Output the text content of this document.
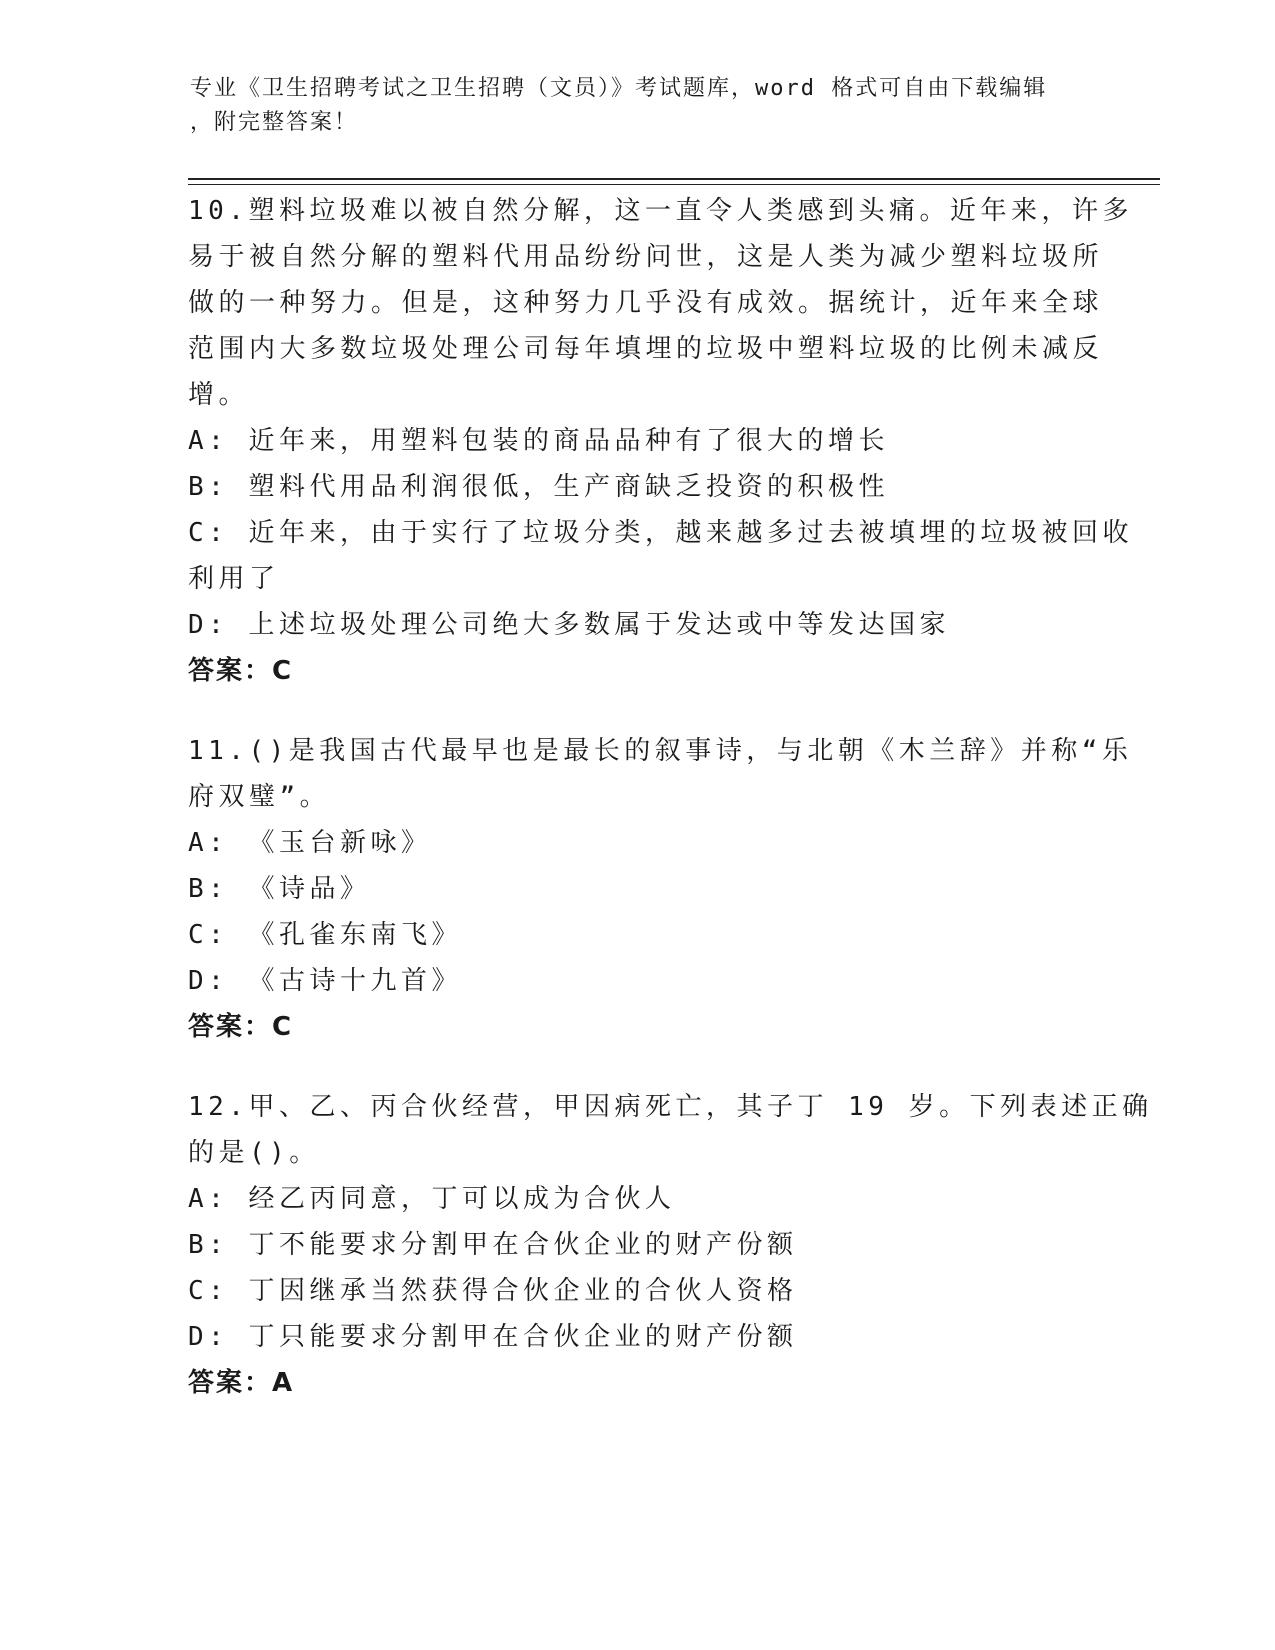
专业《卫生招聘考试之卫生招聘（文员）》考试题库，word 格式可自由下载编辑
，附完整答案！
10.塑料垃圾难以被自然分解，这一直令人类感到头痛。近年来，许多
易于被自然分解的塑料代用品纷纷问世，这是人类为减少塑料垃圾所
做的一种努力。但是，这种努力几乎没有成效。据统计，近年来全球
范围内大多数垃圾处理公司每年填埋的垃圾中塑料垃圾的比例未减反
增。
A: 近年来，用塑料包装的商品品种有了很大的增长
B: 塑料代用品利润很低，生产商缺乏投资的积极性
C: 近年来，由于实行了垃圾分类，越来越多过去被填埋的垃圾被回收
利用了
D: 上述垃圾处理公司绝大多数属于发达或中等发达国家
答案：C
11.()是我国古代最早也是最长的叙事诗，与北朝《木兰辞》并称“乐
府双璧”。
A: 《玉台新咏》
B: 《诗品》
C: 《孔雀东南飞》
D: 《古诗十九首》
答案：C
12.甲、乙、丙合伙经营，甲因病死亡，其子丁 19 岁。下列表述正确
的是()。
A: 经乙丙同意，丁可以成为合伙人
B: 丁不能要求分割甲在合伙企业的财产份额
C: 丁因继承当然获得合伙企业的合伙人资格
D: 丁只能要求分割甲在合伙企业的财产份额
答案：A
